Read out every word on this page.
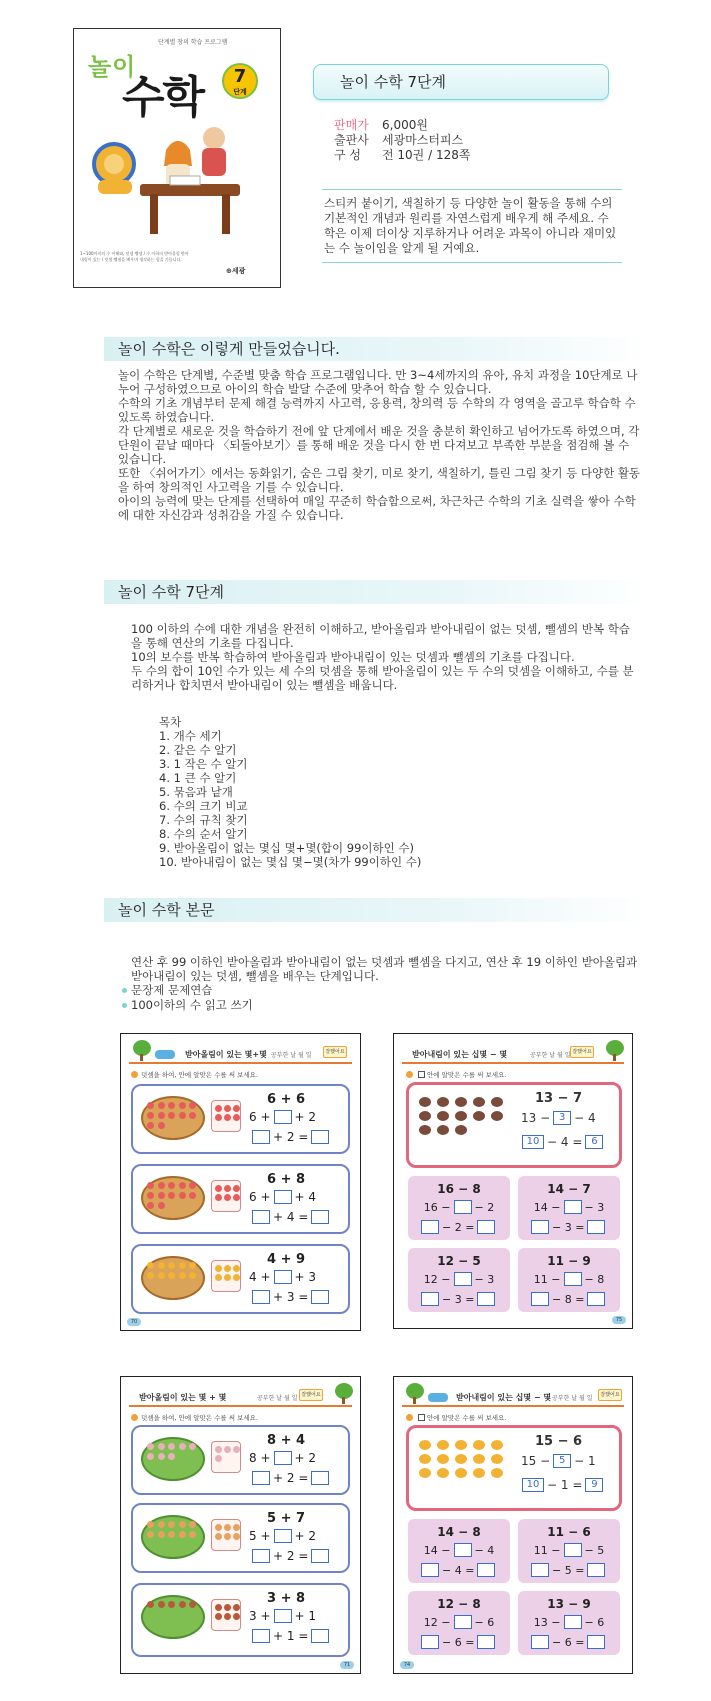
단계별 창의 학습 프로그램
놀이
수학	7
단계
1~100까지의 수 이해와, 덧셈 뺄셈 / 수 이하의 받아올림 받아내림이 있는 / 덧셈 뺄셈을 배우며 생각하는 힘을 기릅니다.
⊕세광
놀이 수학 7단계
판매가	6,000원
출판사	세광마스터피스
구 성	전 10권 / 128쪽
스티커 붙이기, 색칠하기 등 다양한 놀이 활동을 통해 수의 기본적인 개념과 원리를 자연스럽게 배우게 해 주세요. 수학은 이제 더이상 지루하거나 어려운 과목이 아니라 재미있는 수 놀이임을 알게 될 거예요.
놀이 수학은 이렇게 만들었습니다.

놀이 수학은 단계별, 수준별 맞춤 학습 프로그램입니다. 만 3~4세까지의 유아, 유치 과정을 10단계로 나누어 구성하였으므로 아이의 학습 발달 수준에 맞추어 학습 할 수 있습니다.

수학의 기초 개념부터 문제 해결 능력까지 사고력, 응용력, 창의력 등 수학의 각 영역을 골고루 학습학 수 있도록 하였습니다.

각 단계별로 새로운 것을 학습하기 전에 앞 단계에서 배운 것을 충분히 확인하고 넘어가도록 하였으며, 각 단원이 끝날 때마다 〈되돌아보기〉를 통해 배운 것을 다시 한 번 다져보고 부족한 부분을 점검해 볼 수 있습니다.

또한 〈쉬어가기〉에서는 동화읽기, 숨은 그림 찾기, 미로 찾기, 색칠하기, 틀린 그림 찾기 등 다양한 활동을 하여 창의적인 사고력을 기를 수 있습니다.

아이의 능력에 맞는 단계를 선택하여 매일 꾸준히 학습함으로써, 차근차근 수학의 기초 실력을 쌓아 수학에 대한 자신감과 성취감을 가질 수 있습니다.

놀이 수학 7단계

100 이하의 수에 대한 개념을 완전히 이해하고, 받아올림과 받아내림이 없는 덧셈, 뺄셈의 반복 학습을 통해 연산의 기초를 다집니다.

10의 보수를 반복 학습하여 받아올림과 받아내림이 있는 덧셈과 뺄셈의 기초를 다집니다.

두 수의 합이 10인 수가 있는 세 수의 덧셈을 통해 받아올림이 있는 두 수의 덧셈을 이해하고, 수를 분리하거나 합치면서 받아내림이 있는 뺄셈을 배웁니다.

목차

1. 개수 세기

2. 같은 수 알기

3. 1 작은 수 알기

4. 1 큰 수 알기

5. 묶음과 낱개

6. 수의 크기 비교

7. 수의 규칙 찾기

8. 수의 순서 알기

9. 받아올림이 없는 몇십 몇+몇(합이 99이하인 수)

10. 받아내림이 없는 몇십 몇−몇(차가 99이하인 수)

놀이 수학 본문
연산 후 99 이하인 받아올림과 받아내림이 없는 덧셈과 뺄셈을 다지고, 연산 후 19 이하인 받아올림과 받아내림이 있는 덧셈, 뺄셈을 배우는 단계입니다.
문장제 문제연습
100이하의 수 읽고 쓰기
받아올림이 있는 몇+몇 공부한 날 월 일	잘했어요
덧셈을 하여, 안에 알맞은 수를 써 보세요.
6 + 6
6 + + 2
+ 2 =
6 + 8
6 + + 4
+ 4 =
4 + 9
4 + + 3
+ 3 =
70
받아내림이 있는 십몇 − 몇	공부한 날 월 일 잘했어요
안에 알맞은 수를 써 보세요.
13 − 7
13 − 3 − 4
10 − 4 = 6
16 − 8
16 − − 2
− 2 =
14 − 7
14 − − 3
− 3 =
12 − 5
12 − − 3
− 3 =
11 − 9
11 − − 8
− 8 =
75
받아올림이 있는 몇 + 몇	공부한 날 월 일 잘했어요
덧셈을 하여, 안에 알맞은 수를 써 보세요.
8 + 4
8 + + 2
+ 2 =
5 + 7
5 + + 2
+ 2 =
3 + 8
3 + + 1
+ 1 =
71
받아내림이 있는 십몇 − 몇 공부한 날 월 일	잘했어요
안에 알맞은 수를 써 보세요.
15 − 6
15 − 5 − 1
10 − 1 = 9
14 − 8
14 − − 4
− 4 =
11 − 6
11 − − 5
− 5 =
12 − 8
12 − − 6
− 6 =
13 − 9
13 − − 6
− 6 =
74
